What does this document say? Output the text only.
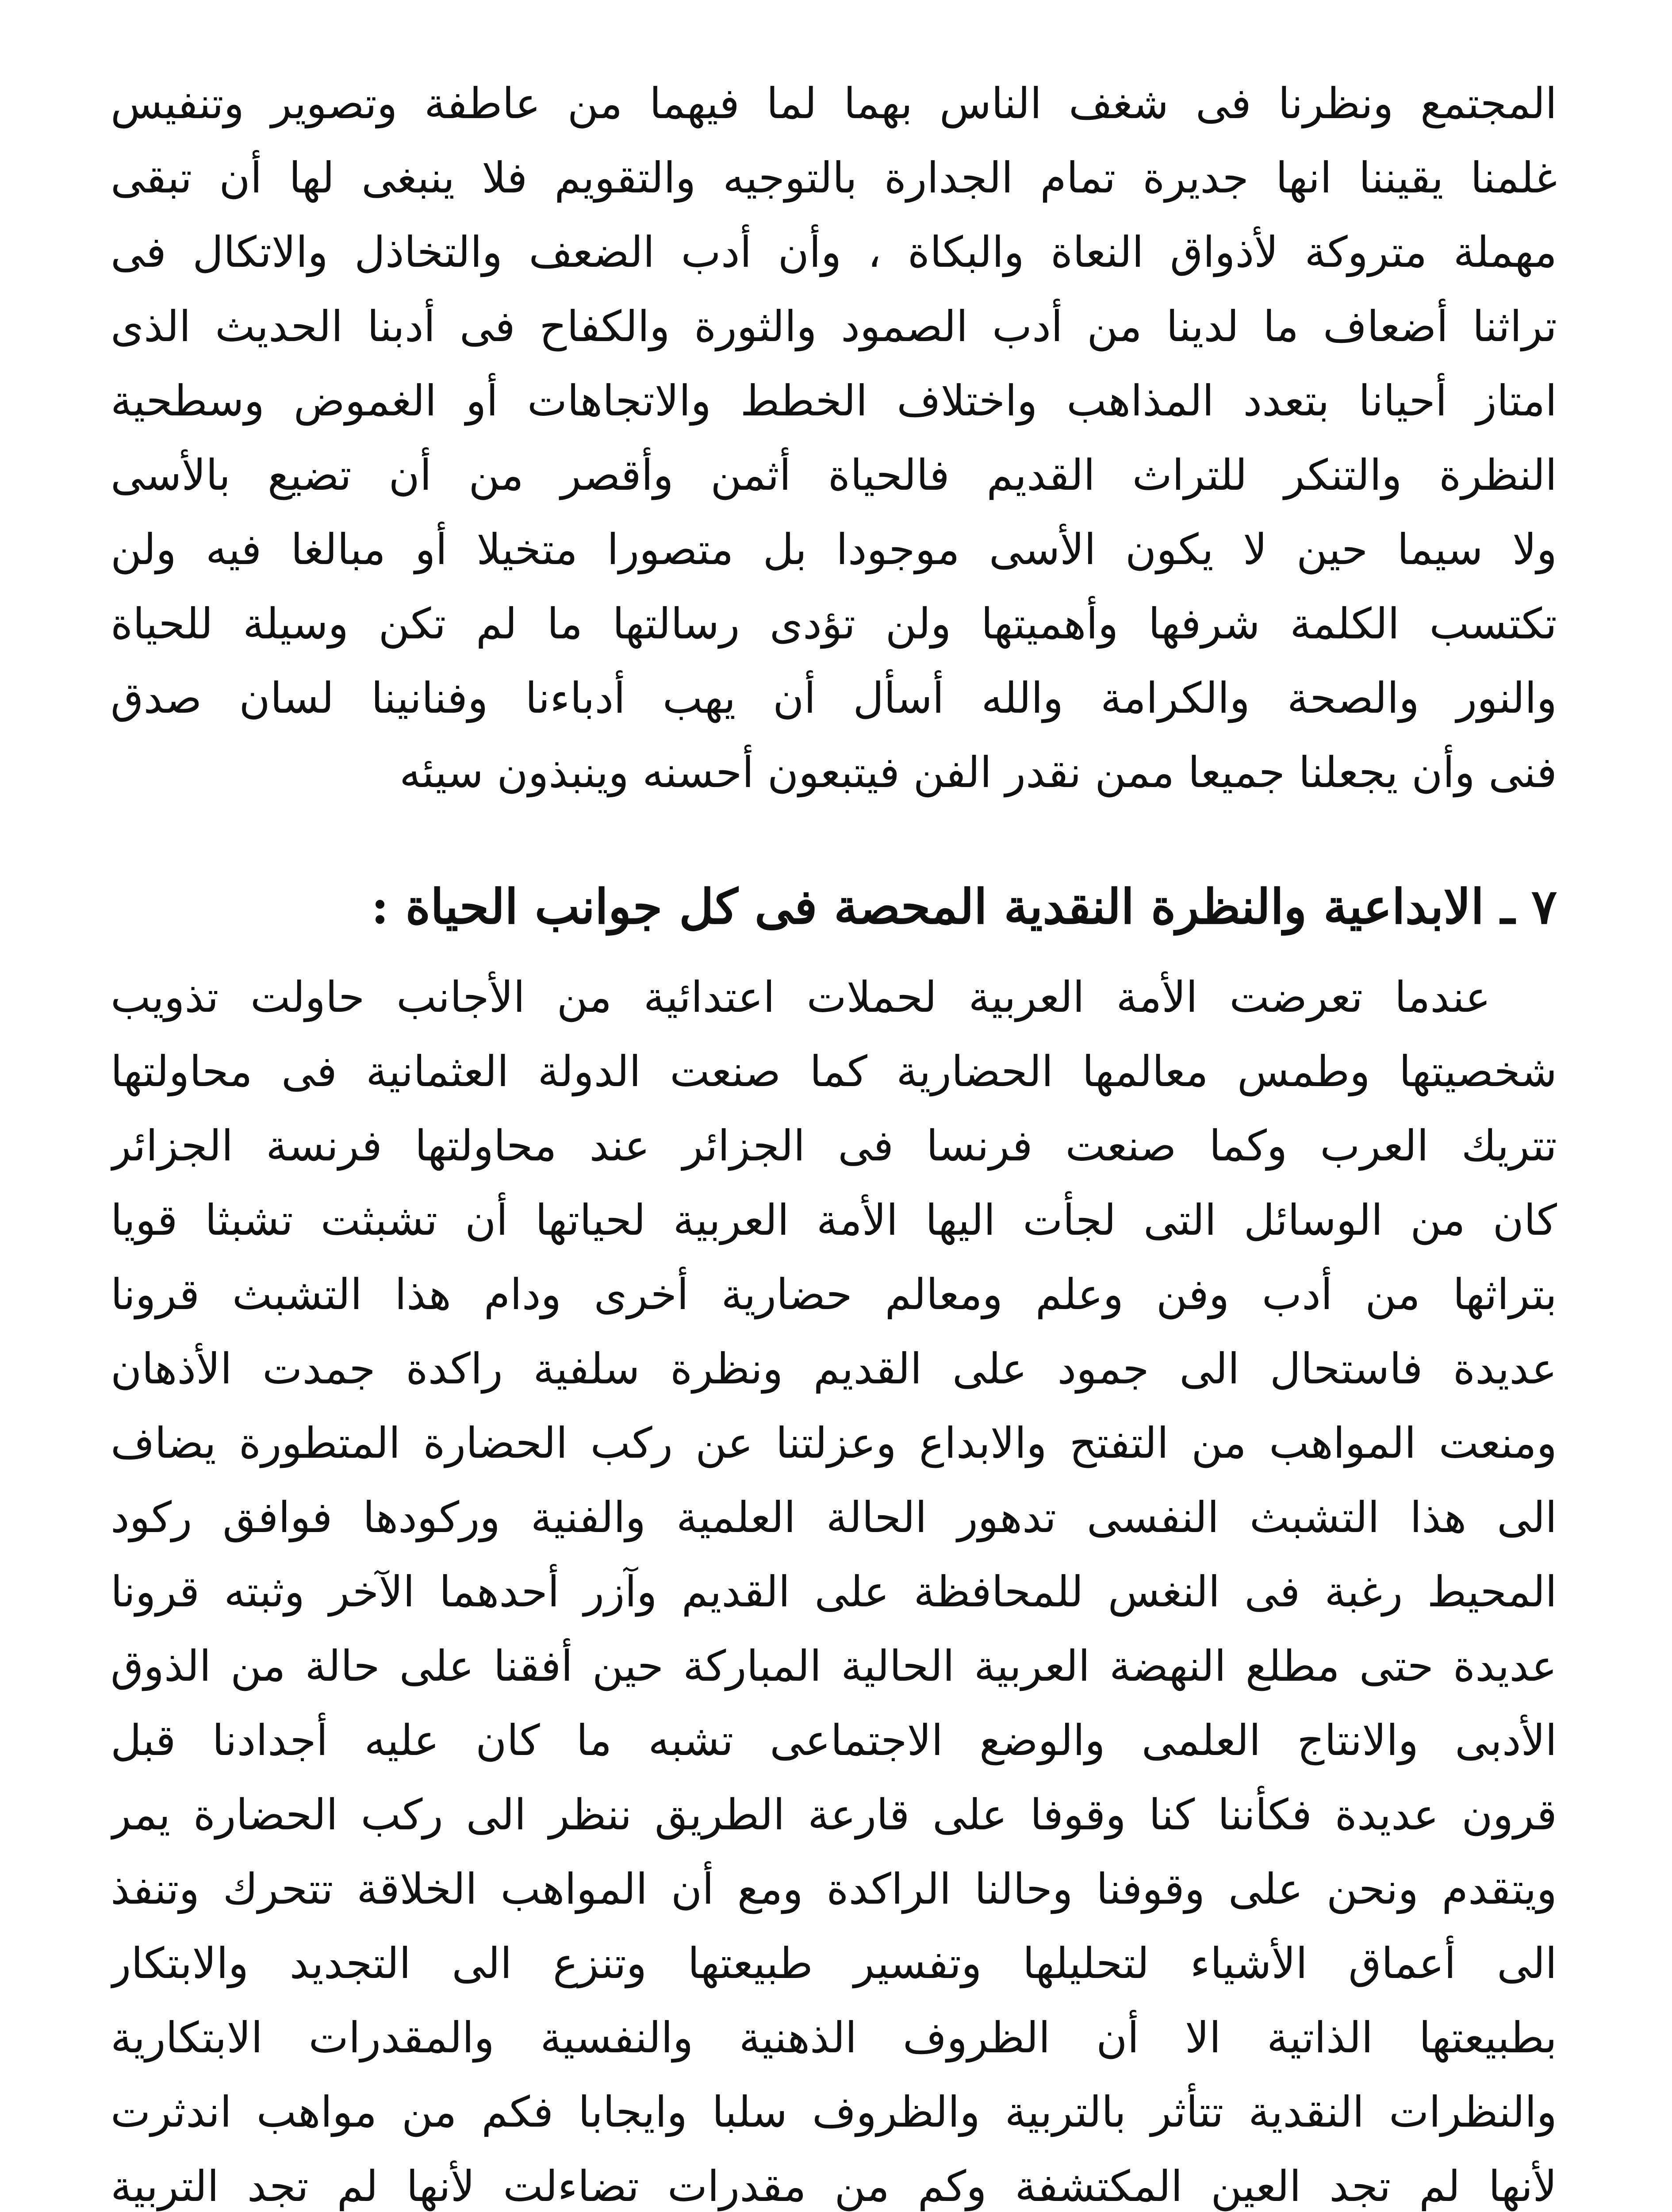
المجتمع ونظرنا فى شغف الناس بهما لما فيهما من عاطفة وتصوير وتنفيس
غلمنا يقيننا انها جديرة تمام الجدارة بالتوجيه والتقويم فلا ينبغى لها أن تبقى
مهملة متروكة لأذواق النعاة والبكاة ، وأن أدب الضعف والتخاذل والاتكال فى
تراثنا أضعاف ما لدينا من أدب الصمود والثورة والكفاح فى أدبنا الحديث الذى
امتاز أحيانا بتعدد المذاهب واختلاف الخطط والاتجاهات أو الغموض وسطحية
النظرة والتنكر للتراث القديم فالحياة أثمن وأقصر من أن تضيع بالأسى
ولا سيما حين لا يكون الأسى موجودا بل متصورا متخيلا أو مبالغا فيه ولن
تكتسب الكلمة شرفها وأهميتها ولن تؤدى رسالتها ما لم تكن وسيلة للحياة
والنور والصحة والكرامة والله أسأل أن يهب أدباءنا وفنانينا لسان صدق
فنى وأن يجعلنا جميعا ممن نقدر الفن فيتبعون أحسنه وينبذون سيئه
٧ ـ الابداعية والنظرة النقدية المحصة فى كل جوانب الحياة :
عندما تعرضت الأمة العربية لحملات اعتدائية من الأجانب حاولت تذويب
شخصيتها وطمس معالمها الحضارية كما صنعت الدولة العثمانية فى محاولتها
تتريك العرب وكما صنعت فرنسا فى الجزائر عند محاولتها فرنسة الجزائر
كان من الوسائل التى لجأت اليها الأمة العربية لحياتها أن تشبثت تشبثا قويا
بتراثها من أدب وفن وعلم ومعالم حضارية أخرى ودام هذا التشبث قرونا
عديدة فاستحال الى جمود على القديم ونظرة سلفية راكدة جمدت الأذهان
ومنعت المواهب من التفتح والابداع وعزلتنا عن ركب الحضارة المتطورة يضاف
الى هذا التشبث النفسى تدهور الحالة العلمية والفنية وركودها فوافق ركود
المحيط رغبة فى النغس للمحافظة على القديم وآزر أحدهما الآخر وثبته قرونا
عديدة حتى مطلع النهضة العربية الحالية المباركة حين أفقنا على حالة من الذوق
الأدبى والانتاج العلمى والوضع الاجتماعى تشبه ما كان عليه أجدادنا قبل
قرون عديدة فكأننا كنا وقوفا على قارعة الطريق ننظر الى ركب الحضارة يمر
ويتقدم ونحن على وقوفنا وحالنا الراكدة ومع أن المواهب الخلاقة تتحرك وتنفذ
الى أعماق الأشياء لتحليلها وتفسير طبيعتها وتنزع الى التجديد والابتكار
بطبيعتها الذاتية الا أن الظروف الذهنية والنفسية والمقدرات الابتكارية
والنظرات النقدية تتأثر بالتربية والظروف سلبا وايجابا فكم من مواهب اندثرت
لأنها لم تجد العين المكتشفة وكم من مقدرات تضاءلت لأنها لم تجد التربية
